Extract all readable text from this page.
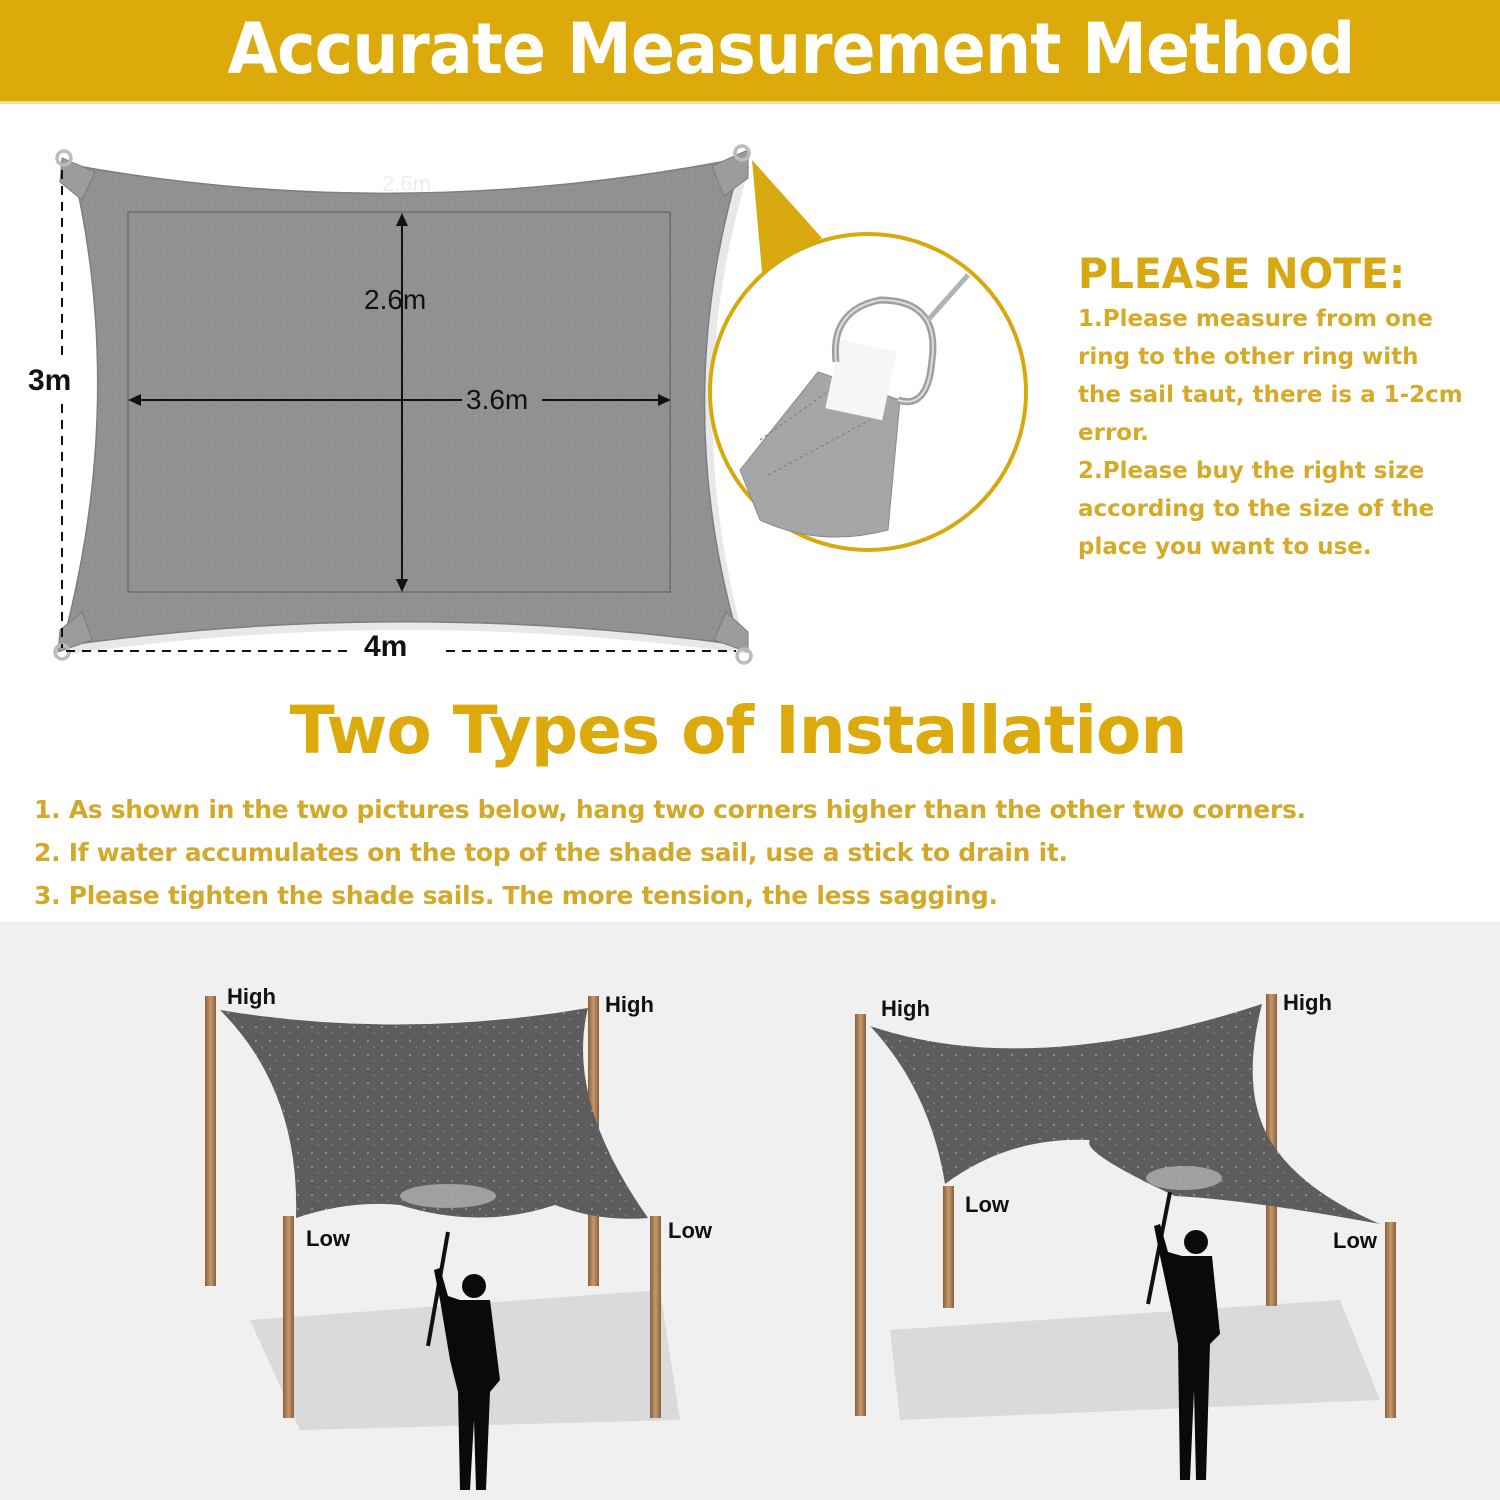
Accurate Measurement Method
2.6m
3m
4m
2.6m
3.6m
PLEASE NOTE:
1.Please measure from one
ring to the other ring with
the sail taut, there is a 1-2cm
error.
2.Please buy the right size
according to the size of the
place you want to use.
Two Types of Installation
1. As shown in the two pictures below, hang two corners higher than the other two corners.
2. If water accumulates on the top of the shade sail, use a stick to drain it.
3. Please tighten the shade sails. The more tension, the less sagging.
High	High
Low	Low
High	High
Low
Low
